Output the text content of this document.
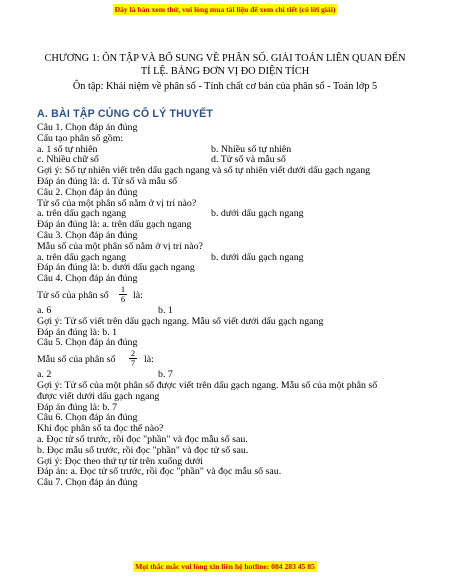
Đây là bản xem thử, vui lòng mua tài liệu để xem chi tiết (có lời giải)
CHƯƠNG 1: ÔN TẬP VÀ BỔ SUNG VỀ PHÂN SỐ. GIẢI TOÁN LIÊN QUAN ĐẾN
TỈ LỆ. BẢNG ĐƠN VỊ ĐO DIỆN TÍCH
Ôn tập: Khái niệm về phân số - Tính chất cơ bản của phân số - Toán lớp 5
A. BÀI TẬP CỦNG CỐ LÝ THUYẾT
Câu 1. Chọn đáp án đúng
Cấu tạo phân số gồm:
a. 1 số tự nhiên	b. Nhiều số tự nhiên
c. Nhiều chữ số	d. Tử số và mẫu số
Gợi ý: Số tự nhiên viết trên dấu gạch ngang và số tự nhiên viết dưới dấu gạch ngang
Đáp án đúng là: d. Tử số và mẫu số
Câu 2. Chọn đáp án đúng
Tử số của một phân số nằm ở vị trí nào?
a. trên dấu gạch ngang	b. dưới dấu gạch ngang
Đáp án đúng là: a. trên dấu gạch ngang
Câu 3. Chọn đáp án đúng
Mẫu số của một phân số nằm ở vị trí nào?
a. trên dấu gạch ngang	b. dưới dấu gạch ngang
Đáp án đúng là: b. dưới dấu gạch ngang
Câu 4. Chọn đáp án đúng
Tử số của phân số $\frac{1}{6}$ là:
a. 6	b. 1
Gợi ý: Tử số viết trên dấu gạch ngang. Mẫu số viết dưới dấu gạch ngang
Đáp án đúng là: b. 1
Câu 5. Chọn đáp án đúng
Mẫu số của phân số $\frac{2}{7}$ là:
a. 2	b. 7
Gợi ý: Tử số của một phân số được viết trên dấu gạch ngang. Mẫu số của một phân số
được viết dưới dấu gạch ngang
Đáp án đúng là: b. 7
Câu 6. Chọn đáp án đúng
Khi đọc phân số ta đọc thế nào?
a. Đọc tử số trước, rồi đọc "phần" và đọc mẫu số sau.
b. Đọc mẫu số trước, rồi đọc "phần" và đọc tử số sau.
Gợi ý: Đọc theo thứ tự từ trên xuống dưới
Đáp án: a. Đọc tử số trước, rồi đọc "phần" và đọc mẫu số sau.
Câu 7. Chọn đáp án đúng
Mọi thắc mắc vui lòng xin liên hệ hotline: 084 283 45 85
